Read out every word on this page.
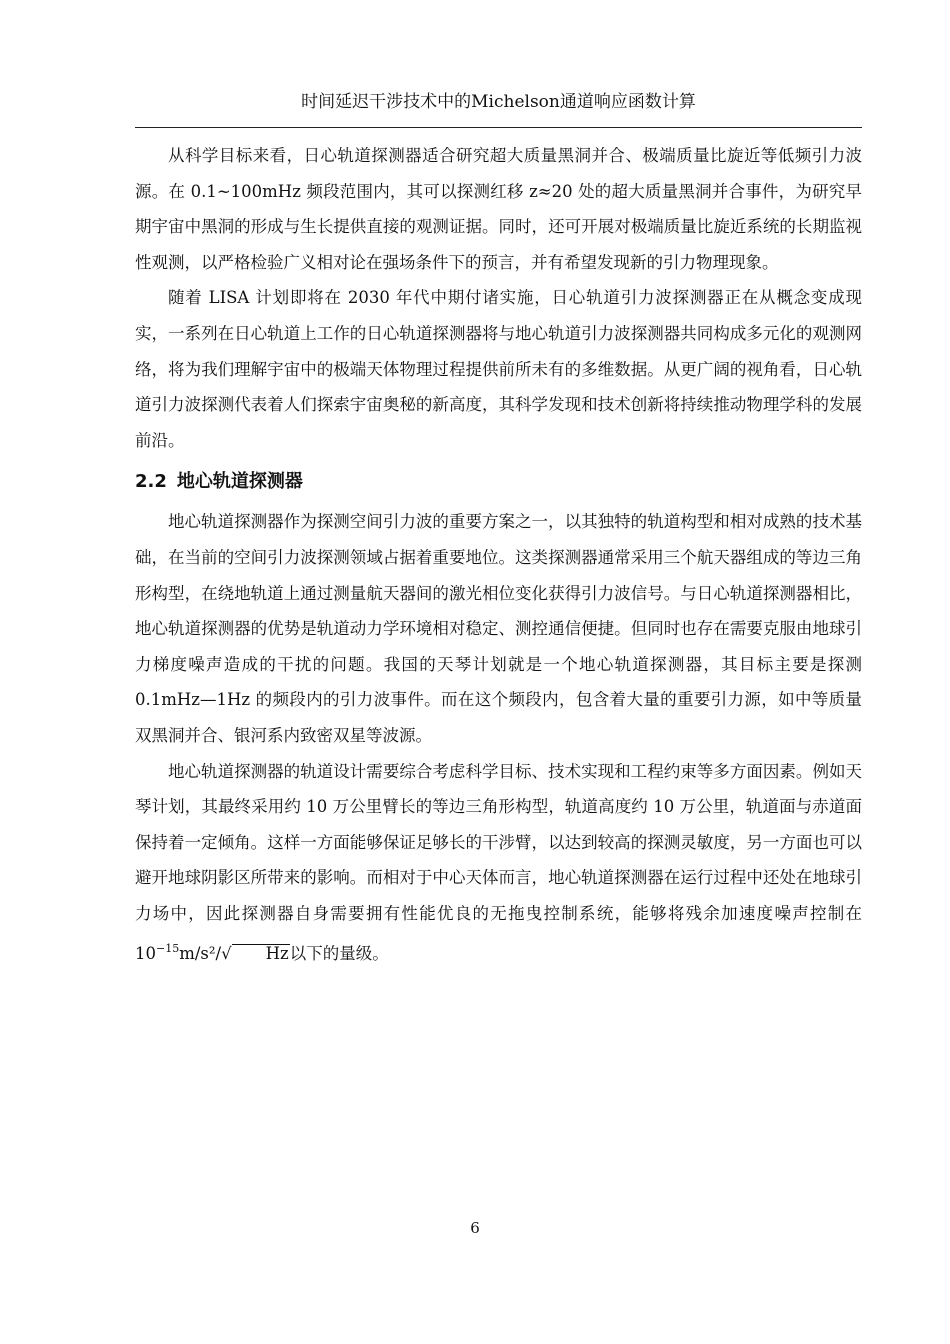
时间延迟干涉技术中的Michelson通道响应函数计算

从科学目标来看，日心轨道探测器适合研究超大质量黑洞并合、极端质量比旋近等低频引力波源。在 0.1~100mHz 频段范围内，其可以探测红移 z≈20 处的超大质量黑洞并合事件，为研究早期宇宙中黑洞的形成与生长提供直接的观测证据。同时，还可开展对极端质量比旋近系统的长期监视性观测，以严格检验广义相对论在强场条件下的预言，并有希望发现新的引力物理现象。

随着 LISA 计划即将在 2030 年代中期付诸实施，日心轨道引力波探测器正在从概念变成现实，一系列在日心轨道上工作的日心轨道探测器将与地心轨道引力波探测器共同构成多元化的观测网络，将为我们理解宇宙中的极端天体物理过程提供前所未有的多维数据。从更广阔的视角看，日心轨道引力波探测代表着人们探索宇宙奥秘的新高度，其科学发现和技术创新将持续推动物理学科的发展前沿。

2.2 地心轨道探测器

地心轨道探测器作为探测空间引力波的重要方案之一，以其独特的轨道构型和相对成熟的技术基础，在当前的空间引力波探测领域占据着重要地位。这类探测器通常采用三个航天器组成的等边三角形构型，在绕地轨道上通过测量航天器间的激光相位变化获得引力波信号。与日心轨道探测器相比，地心轨道探测器的优势是轨道动力学环境相对稳定、测控通信便捷。但同时也存在需要克服由地球引力梯度噪声造成的干扰的问题。我国的天琴计划就是一个地心轨道探测器，其目标主要是探测 0.1mHz—1Hz 的频段内的引力波事件。而在这个频段内，包含着大量的重要引力源，如中等质量双黑洞并合、银河系内致密双星等波源。

地心轨道探测器的轨道设计需要综合考虑科学目标、技术实现和工程约束等多方面因素。例如天琴计划，其最终采用约 10 万公里臂长的等边三角形构型，轨道高度约 10 万公里，轨道面与赤道面保持着一定倾角。这样一方面能够保证足够长的干涉臂，以达到较高的探测灵敏度，另一方面也可以避开地球阴影区所带来的影响。而相对于中心天体而言，地心轨道探测器在运行过程中还处在地球引力场中，因此探测器自身需要拥有性能优良的无拖曳控制系统，能够将残余加速度噪声控制在$10^{-15}m/s^2/√$ Hz以下的量级。

6
